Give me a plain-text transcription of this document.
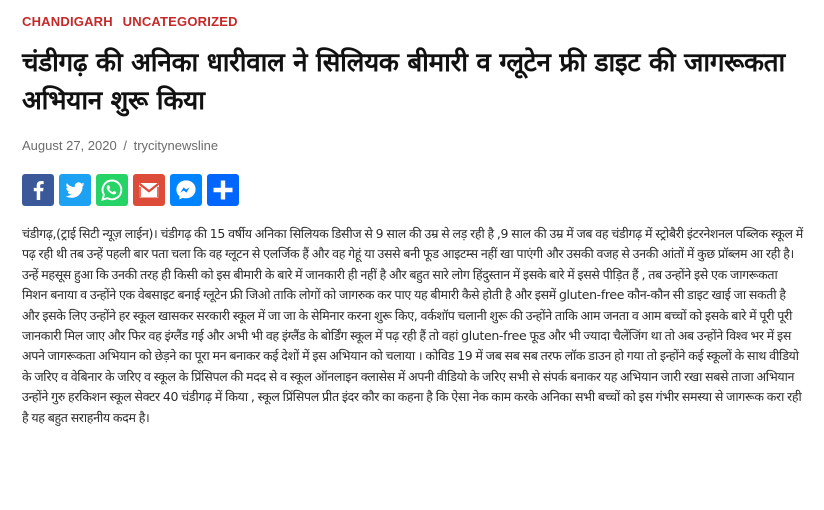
CHANDIGARH UNCATEGORIZED
चंडीगढ़ की अनिका धारीवाल ने सिलियक बीमारी व ग्लूटेन फ्री डाइट की जागरूकता अभियान शुरू किया
August 27, 2020 / trycitynewsline
चंडीगढ़,(ट्राई सिटी न्यूज़ लाईन)। चंडीगढ़ की 15 वर्षीय अनिका सिलियक डिसीज से 9 साल की उम्र से लड़ रही है ,9 साल की उम्र में जब वह चंडीगढ़ में स्ट्रोबैरी इंटरनेशनल पब्लिक स्कूल में पढ़ रही थी तब उन्हें पहली बार पता चला कि वह ग्लूटन से एलर्जिक हैं और वह गेहूं या उससे बनी फूड आइटम्स नहीं खा पाएंगी और उसकी वजह से उनकी आंतों में कुछ प्रॉब्लम आ रही है। उन्हें महसूस हुआ कि उनकी तरह ही किसी को इस बीमारी के बारे में जानकारी ही नहीं है और बहुत सारे लोग हिंदुस्तान में इसके बारे में इससे पीड़ित हैं , तब उन्होंने इसे एक जागरूकता मिशन बनाया व उन्होंने एक वेबसाइट बनाई ग्लूटेन फ्री जिओ ताकि लोगों को जागरुक कर पाए यह बीमारी कैसे होती है और इसमें gluten-free कौन-कौन सी डाइट खाई जा सकती है और इसके लिए उन्होंने हर स्कूल खासकर सरकारी स्कूल में जा जा के सेमिनार करना शुरू किए, वर्कशॉप चलानी शुरू की उन्होंने ताकि आम जनता व आम बच्चों को इसके बारे में पूरी पूरी जानकारी मिल जाए और फिर वह इंग्लैंड गई और अभी भी वह इंग्लैंड के बोर्डिंग स्कूल में पढ़ रही हैं तो वहां gluten-free फूड और भी ज्यादा चैलेंजिंग था तो अब उन्होंने विश्व भर में इस अपने जागरूकता अभियान को छेड़ने का पूरा मन बनाकर कई देशों में इस अभियान को चलाया । कोविड 19 में जब सब सब तरफ लॉक डाउन हो गया तो इन्होंने कई स्कूलों के साथ वीडियो के जरिए व वेबिनार के जरिए व स्कूल के प्रिंसिपल की मदद से व स्कूल ऑनलाइन क्लासेस में अपनी वीडियो के जरिए सभी से संपर्क बनाकर यह अभियान जारी रखा सबसे ताजा अभियान उन्होंने गुरु हरकिशन स्कूल सेक्टर 40 चंडीगढ़ में किया , स्कूल प्रिंसिपल प्रीत इंदर कौर का कहना है कि ऐसा नेक काम करके अनिका सभी बच्चों को इस गंभीर समस्या से जागरूक करा रही है यह बहुत सराहनीय कदम है।
